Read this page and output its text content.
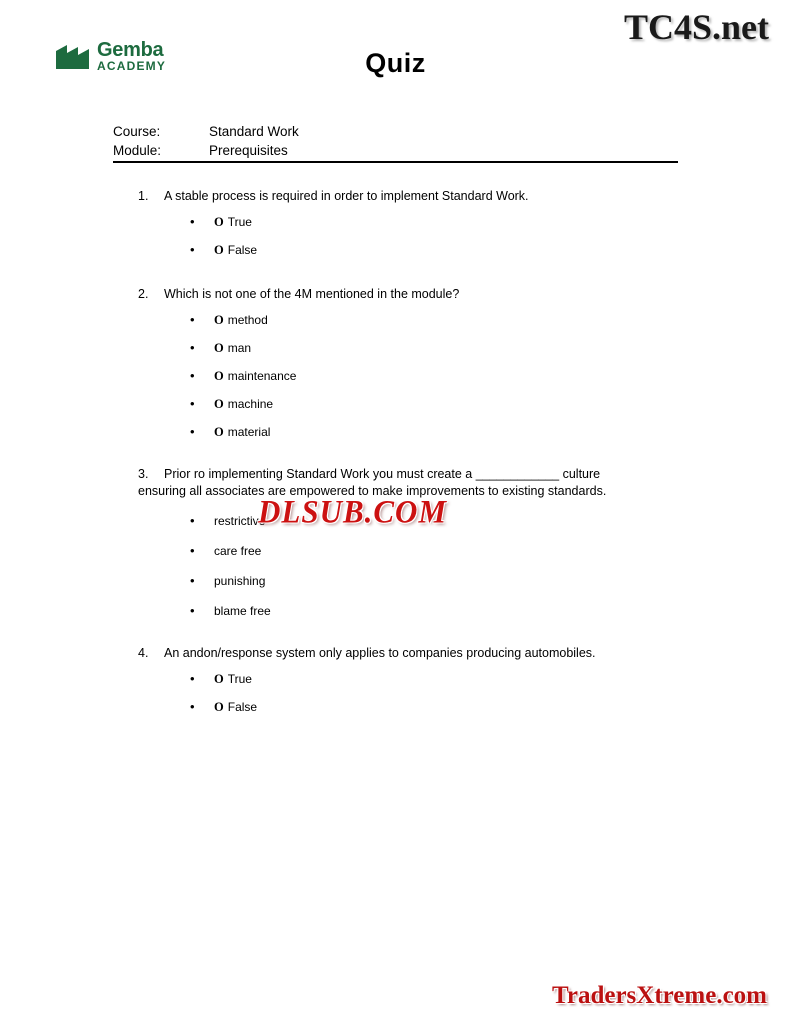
TC4S.net
Gemba
ACADEMY	Quiz
Course:	Standard Work
Module:	Prerequisites
1.	A stable process is required in order to implement Standard Work.
• O True
• O False
2.	Which is not one of the 4M mentioned in the module?
• O method
• O man
• O maintenance
• O machine
• O material
3.	Prior ro implementing Standard Work you must create a ____________ culture
ensuring all associates are empowered to make improvements to existing standards.
• restrictive
• care free
• punishing
• blame free
4.	An andon/response system only applies to companies producing automobiles.
• O True
• O False
DLSUB.COM
TradersXtreme.com
